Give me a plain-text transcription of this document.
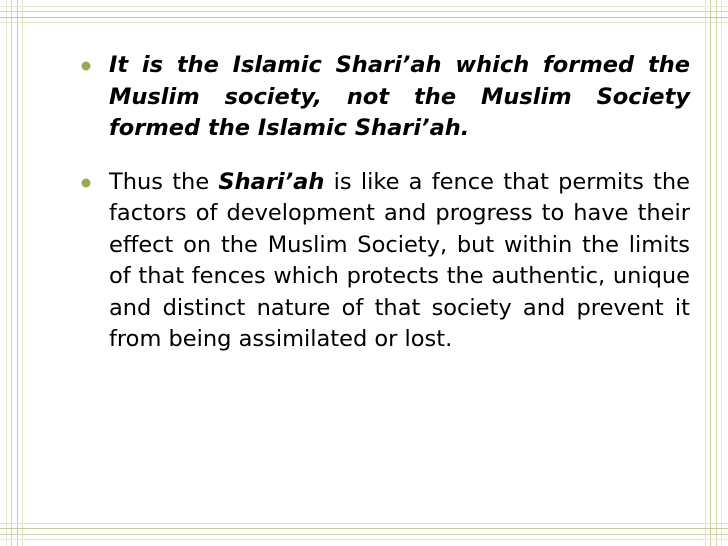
It is the Islamic Shari’ah which formed the Muslim society, not the Muslim Society formed the Islamic Shari’ah.
Thus the Shari’ah is like a fence that permits the factors of development and progress to have their effect on the Muslim Society, but within the limits of that fences which protects the authentic, unique and distinct nature of that society and prevent it from being assimilated or lost.
